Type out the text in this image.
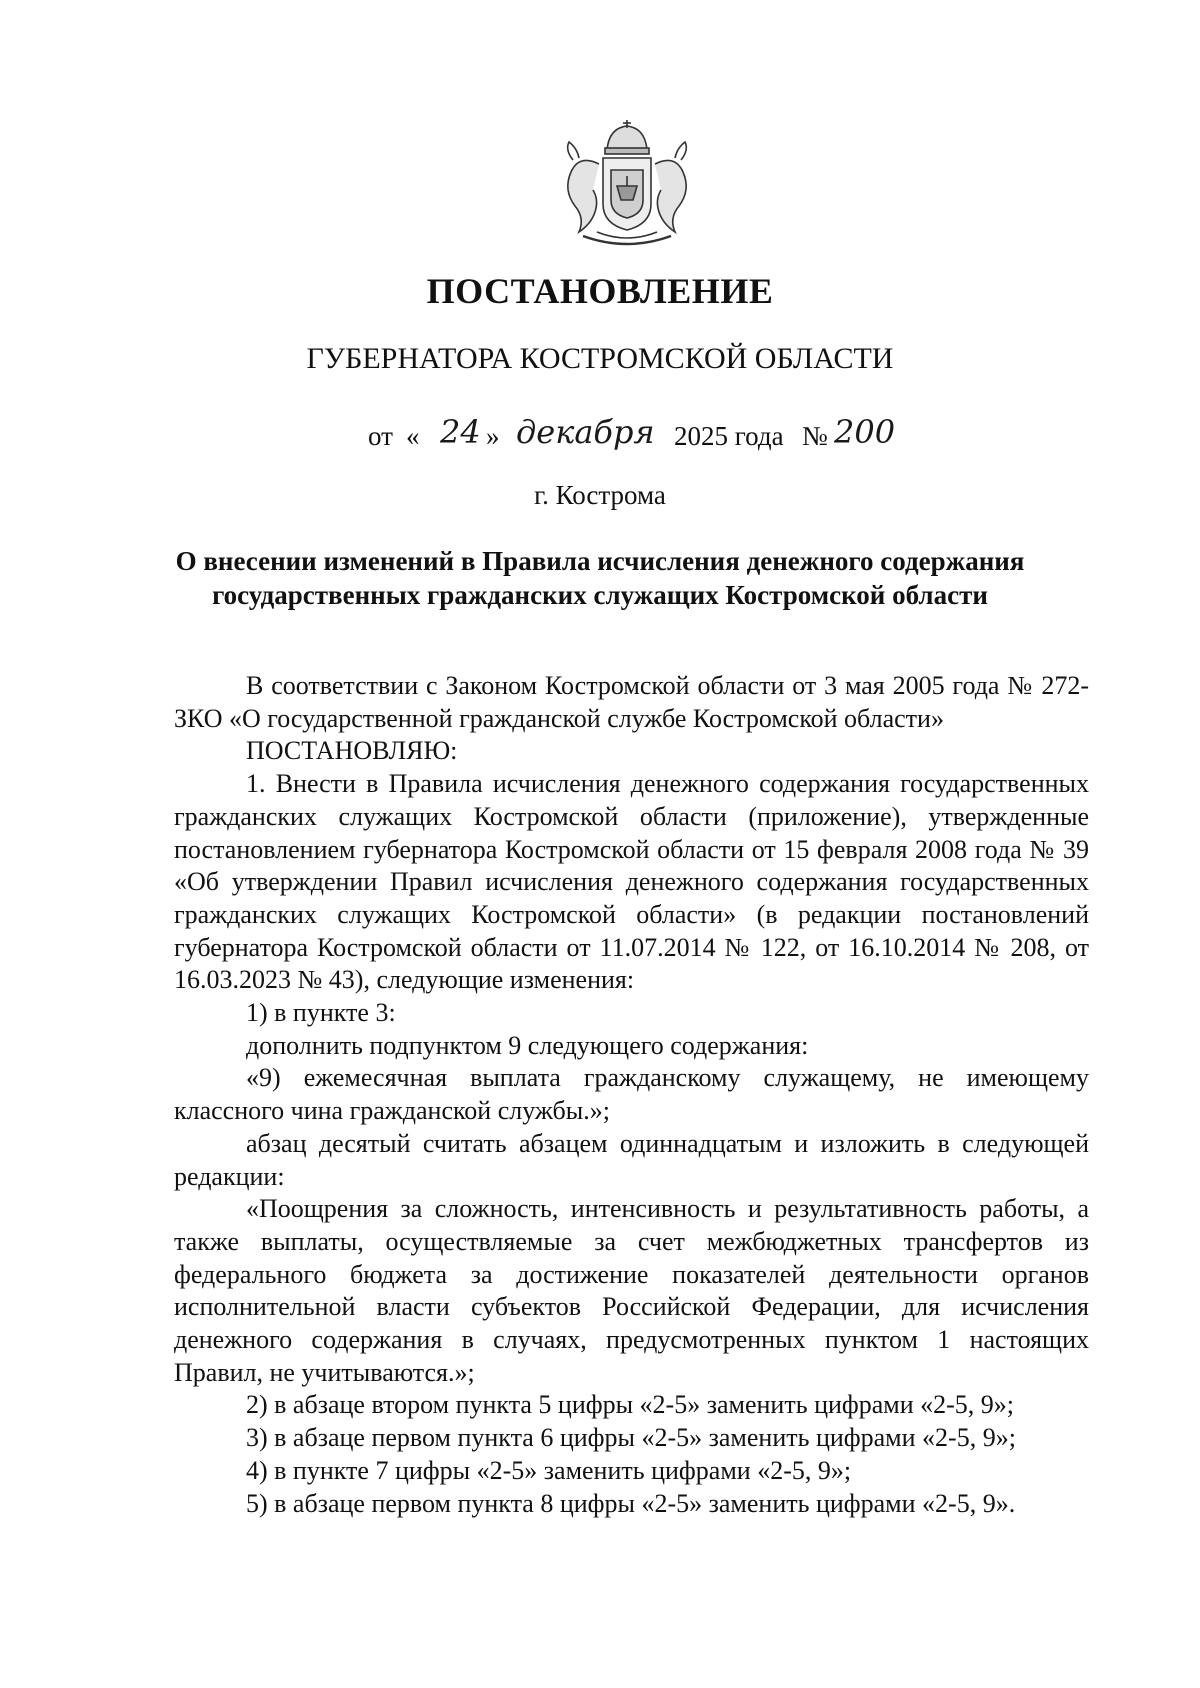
ПОСТАНОВЛЕНИЕ
ГУБЕРНАТОРА КОСТРОМСКОЙ ОБЛАСТИ
от « 24 » декабря 2025 года № 200
г. Кострома
О внесении изменений в Правила исчисления денежного содержания
государственных гражданских служащих Костромской области

В соответствии с Законом Костромской области от 3 мая 2005 года № 272-ЗКО «О государственной гражданской службе Костромской области»

ПОСТАНОВЛЯЮ:

1. Внести в Правила исчисления денежного содержания государственных гражданских служащих Костромской области (приложение), утвержденные постановлением губернатора Костромской области от 15 февраля 2008 года № 39 «Об утверждении Правил исчисления денежного содержания государственных гражданских служащих Костромской области» (в редакции постановлений губернатора Костромской области от 11.07.2014 № 122, от 16.10.2014 № 208, от 16.03.2023 № 43), следующие изменения:

1) в пункте 3:

дополнить подпунктом 9 следующего содержания:

«9) ежемесячная выплата гражданскому служащему, не имеющему классного чина гражданской службы.»;

абзац десятый считать абзацем одиннадцатым и изложить в следующей редакции:

«Поощрения за сложность, интенсивность и результативность работы, а также выплаты, осуществляемые за счет межбюджетных трансфертов из федерального бюджета за достижение показателей деятельности органов исполнительной власти субъектов Российской Федерации, для исчисления денежного содержания в случаях, предусмотренных пунктом 1 настоящих Правил, не учитываются.»;

2) в абзаце втором пункта 5 цифры «2-5» заменить цифрами «2-5, 9»;

3) в абзаце первом пункта 6 цифры «2-5» заменить цифрами «2-5, 9»;

4) в пункте 7 цифры «2-5» заменить цифрами «2-5, 9»;

5) в абзаце первом пункта 8 цифры «2-5» заменить цифрами «2-5, 9».
